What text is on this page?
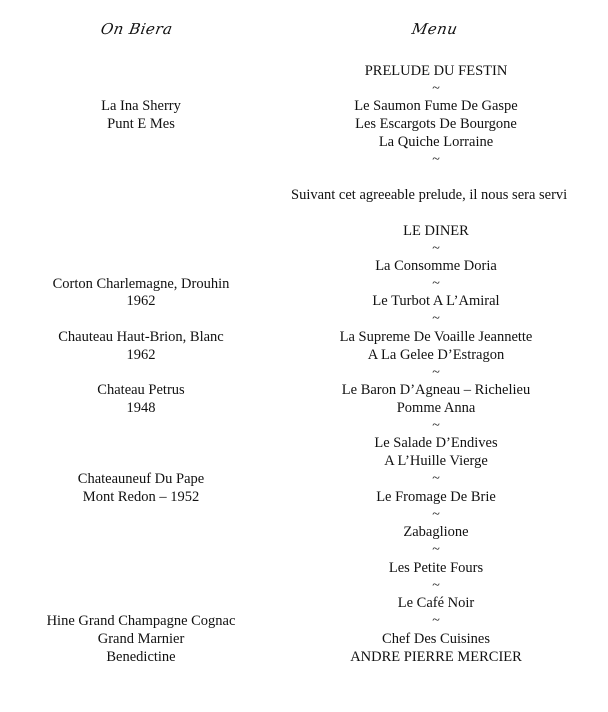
On Biera	Menu
La Ina Sherry
Punt E Mes
Corton Charlemagne, Drouhin
1962
Chauteau Haut-Brion, Blanc
1962
Chateau Petrus
1948
Chateauneuf Du Pape
Mont Redon – 1952
Hine Grand Champagne Cognac
Grand Marnier
Benedictine
PRELUDE DU FESTIN
~
Le Saumon Fume De Gaspe
Les Escargots De Bourgone
La Quiche Lorraine
~
Suivant cet agreeable prelude, il nous sera servi
LE DINER
~
La Consomme Doria
~
Le Turbot A L’Amiral
~
La Supreme De Voaille Jeannette
A La Gelee D’Estragon
~
Le Baron D’Agneau – Richelieu
Pomme Anna
~
Le Salade D’Endives
A L’Huille Vierge
~
Le Fromage De Brie
~
Zabaglione
~
Les Petite Fours
~
Le Café Noir
~
Chef Des Cuisines
ANDRE PIERRE MERCIER
